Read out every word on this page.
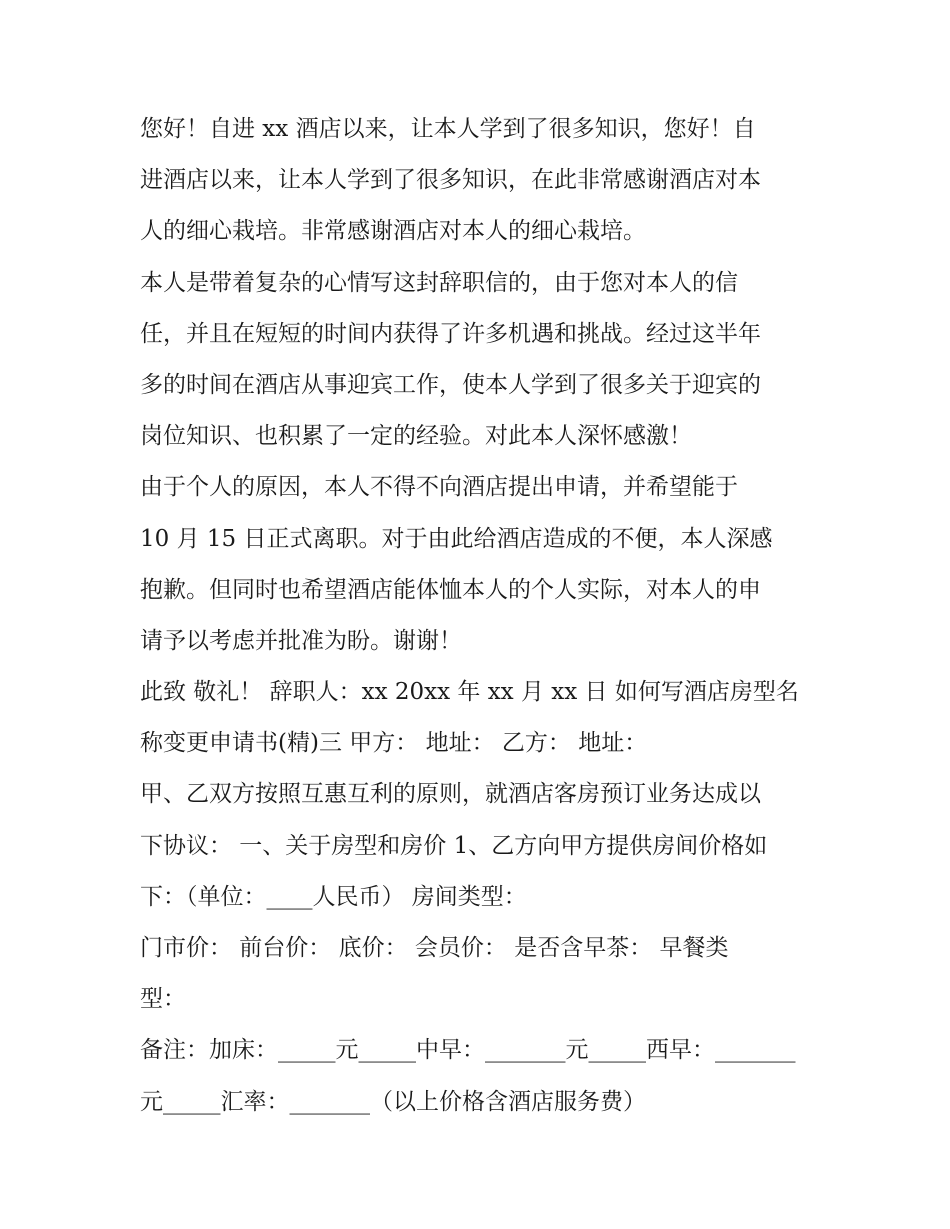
您好！自进 xx 酒店以来，让本人学到了很多知识，您好！自
进酒店以来，让本人学到了很多知识，在此非常感谢酒店对本
人的细心栽培。非常感谢酒店对本人的细心栽培。
本人是带着复杂的心情写这封辞职信的，由于您对本人的信
任，并且在短短的时间内获得了许多机遇和挑战。经过这半年
多的时间在酒店从事迎宾工作，使本人学到了很多关于迎宾的
岗位知识、也积累了一定的经验。对此本人深怀感激！
由于个人的原因，本人不得不向酒店提出申请，并希望能于
10 月 15 日正式离职。对于由此给酒店造成的不便，本人深感
抱歉。但同时也希望酒店能体恤本人的个人实际，对本人的申
请予以考虑并批准为盼。谢谢！
此致 敬礼！ 辞职人：xx 20xx 年 xx 月 xx 日 如何写酒店房型名
称变更申请书(精)三 甲方： 地址： 乙方： 地址：
甲、乙双方按照互惠互利的原则，就酒店客房预订业务达成以
下协议： 一、关于房型和房价 1、乙方向甲方提供房间价格如
下：（单位：____人民币） 房间类型：
门市价： 前台价： 底价： 会员价： 是否含早茶： 早餐类
型：
备注：加床：_____元_____中早：_______元_____西早：_______
元_____汇率：_______（以上价格含酒店服务费）
